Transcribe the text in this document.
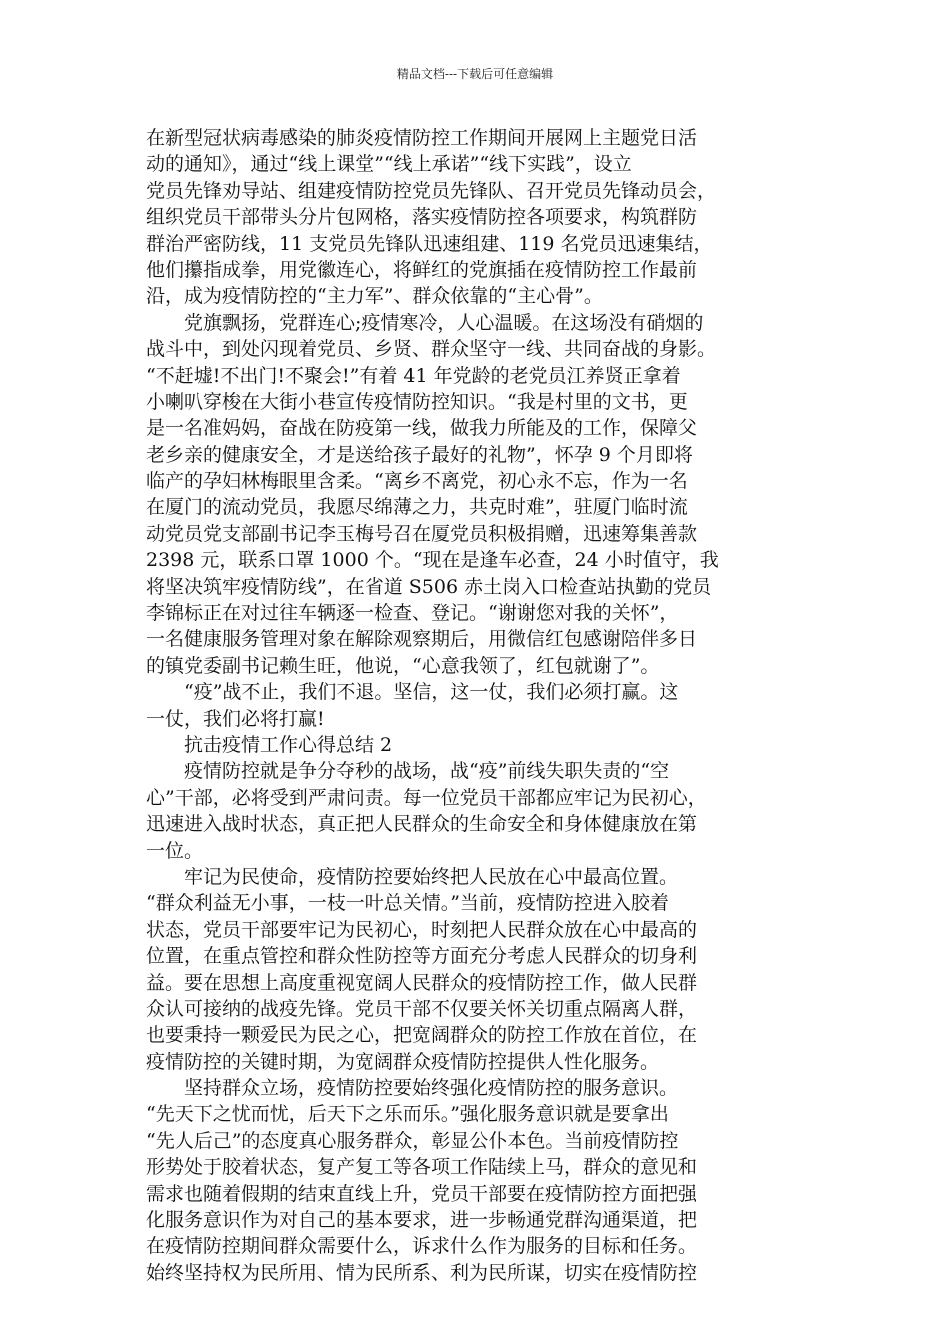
精品文档---下载后可任意编辑
在新型冠状病毒感染的肺炎疫情防控工作期间开展网上主题党日活
动的通知》，通过“线上课堂”“线上承诺”“线下实践”，设立
党员先锋劝导站、组建疫情防控党员先锋队、召开党员先锋动员会，
组织党员干部带头分片包网格，落实疫情防控各项要求，构筑群防
群治严密防线，11 支党员先锋队迅速组建、119 名党员迅速集结，
他们攥指成拳，用党徽连心，将鲜红的党旗插在疫情防控工作最前
沿，成为疫情防控的“主力军”、群众依靠的“主心骨”。
　　党旗飘扬，党群连心;疫情寒冷，人心温暖。在这场没有硝烟的
战斗中，到处闪现着党员、乡贤、群众坚守一线、共同奋战的身影。
“不赶墟!不出门!不聚会!”有着 41 年党龄的老党员江养贤正拿着
小喇叭穿梭在大街小巷宣传疫情防控知识。“我是村里的文书，更
是一名准妈妈，奋战在防疫第一线，做我力所能及的工作，保障父
老乡亲的健康安全，才是送给孩子最好的礼物”，怀孕 9 个月即将
临产的孕妇林梅眼里含柔。“离乡不离党，初心永不忘，作为一名
在厦门的流动党员，我愿尽绵薄之力，共克时难”，驻厦门临时流
动党员党支部副书记李玉梅号召在厦党员积极捐赠，迅速筹集善款
2398 元，联系口罩 1000 个。“现在是逢车必查，24 小时值守，我
将坚决筑牢疫情防线”，在省道 S506 赤土岗入口检查站执勤的党员
李锦标正在对过往车辆逐一检查、登记。“谢谢您对我的关怀”，
一名健康服务管理对象在解除观察期后，用微信红包感谢陪伴多日
的镇党委副书记赖生旺，他说，“心意我领了，红包就谢了”。
　　“疫”战不止，我们不退。坚信，这一仗，我们必须打赢。这
一仗，我们必将打赢!
　　抗击疫情工作心得总结 2
　　疫情防控就是争分夺秒的战场，战“疫”前线失职失责的“空
心”干部，必将受到严肃问责。每一位党员干部都应牢记为民初心，
迅速进入战时状态，真正把人民群众的生命安全和身体健康放在第
一位。
　　牢记为民使命，疫情防控要始终把人民放在心中最高位置。
“群众利益无小事，一枝一叶总关情。”当前，疫情防控进入胶着
状态，党员干部要牢记为民初心，时刻把人民群众放在心中最高的
位置，在重点管控和群众性防控等方面充分考虑人民群众的切身利
益。要在思想上高度重视宽阔人民群众的疫情防控工作，做人民群
众认可接纳的战疫先锋。党员干部不仅要关怀关切重点隔离人群，
也要秉持一颗爱民为民之心，把宽阔群众的防控工作放在首位，在
疫情防控的关键时期，为宽阔群众疫情防控提供人性化服务。
　　坚持群众立场，疫情防控要始终强化疫情防控的服务意识。
“先天下之忧而忧，后天下之乐而乐。”强化服务意识就是要拿出
“先人后己”的态度真心服务群众，彰显公仆本色。当前疫情防控
形势处于胶着状态，复产复工等各项工作陆续上马，群众的意见和
需求也随着假期的结束直线上升，党员干部要在疫情防控方面把强
化服务意识作为对自己的基本要求，进一步畅通党群沟通渠道，把
在疫情防控期间群众需要什么，诉求什么作为服务的目标和任务。
始终坚持权为民所用、情为民所系、利为民所谋，切实在疫情防控
